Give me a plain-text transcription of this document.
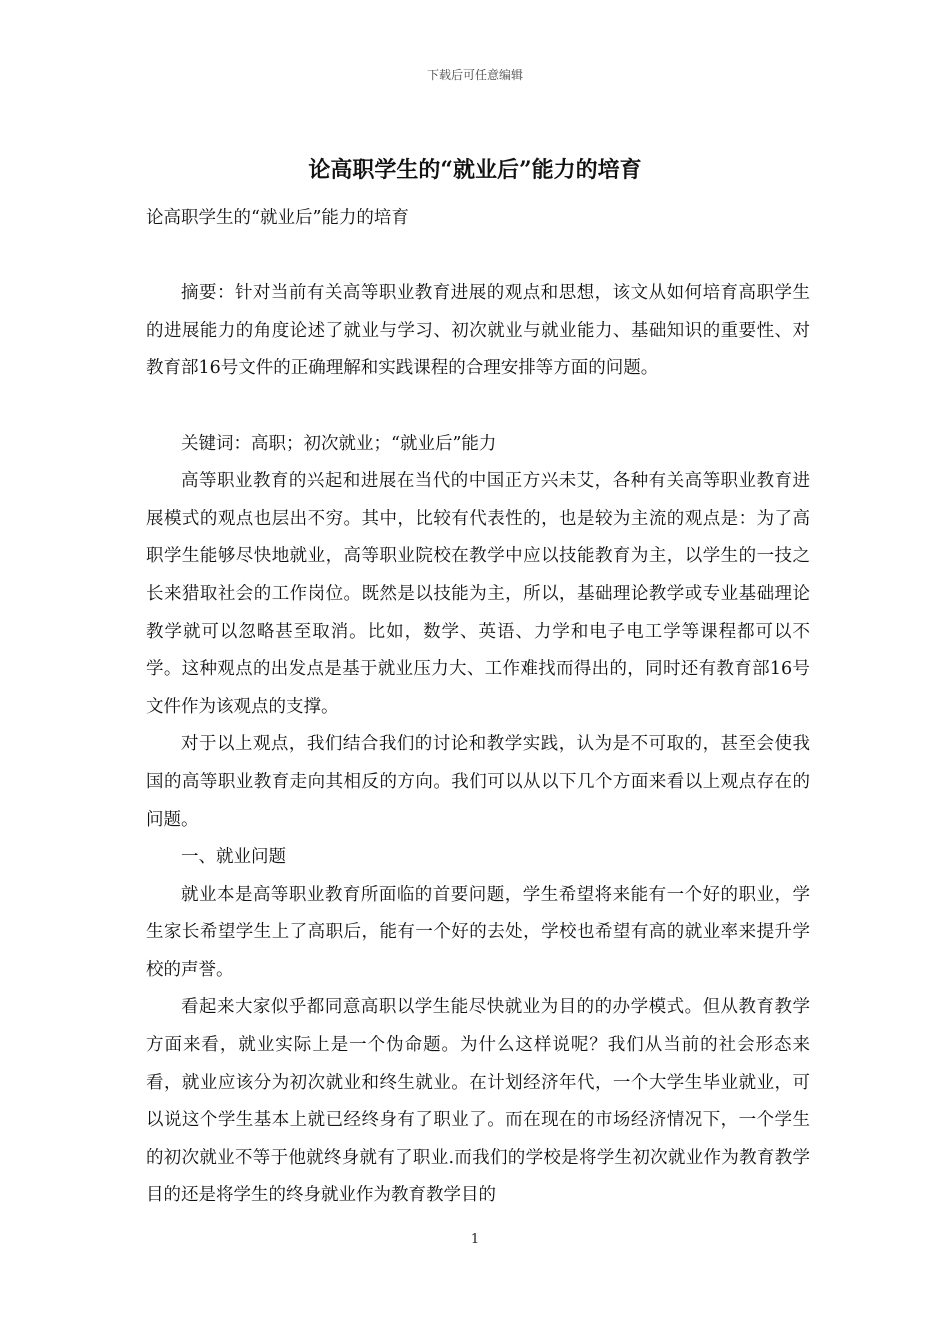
下载后可任意编辑
论高职学生的“就业后”能力的培育

论高职学生的“就业后”能力的培育

摘要：针对当前有关高等职业教育进展的观点和思想，该文从如何培育高职学生的进展能力的角度论述了就业与学习、初次就业与就业能力、基础知识的重要性、对教育部16号文件的正确理解和实践课程的合理安排等方面的问题。

关键词：高职；初次就业；“就业后”能力

高等职业教育的兴起和进展在当代的中国正方兴未艾，各种有关高等职业教育进展模式的观点也层出不穷。其中，比较有代表性的，也是较为主流的观点是：为了高职学生能够尽快地就业，高等职业院校在教学中应以技能教育为主，以学生的一技之长来猎取社会的工作岗位。既然是以技能为主，所以，基础理论教学或专业基础理论教学就可以忽略甚至取消。比如，数学、英语、力学和电子电工学等课程都可以不学。这种观点的出发点是基于就业压力大、工作难找而得出的，同时还有教育部16号文件作为该观点的支撑。

对于以上观点，我们结合我们的讨论和教学实践，认为是不可取的，甚至会使我国的高等职业教育走向其相反的方向。我们可以从以下几个方面来看以上观点存在的问题。

一、就业问题

就业本是高等职业教育所面临的首要问题，学生希望将来能有一个好的职业，学生家长希望学生上了高职后，能有一个好的去处，学校也希望有高的就业率来提升学校的声誉。

看起来大家似乎都同意高职以学生能尽快就业为目的的办学模式。但从教育教学方面来看，就业实际上是一个伪命题。为什么这样说呢？我们从当前的社会形态来看，就业应该分为初次就业和终生就业。在计划经济年代，一个大学生毕业就业，可以说这个学生基本上就已经终身有了职业了。而在现在的市场经济情况下，一个学生的初次就业不等于他就终身就有了职业.而我们的学校是将学生初次就业作为教育教学目的还是将学生的终身就业作为教育教学目的

1
